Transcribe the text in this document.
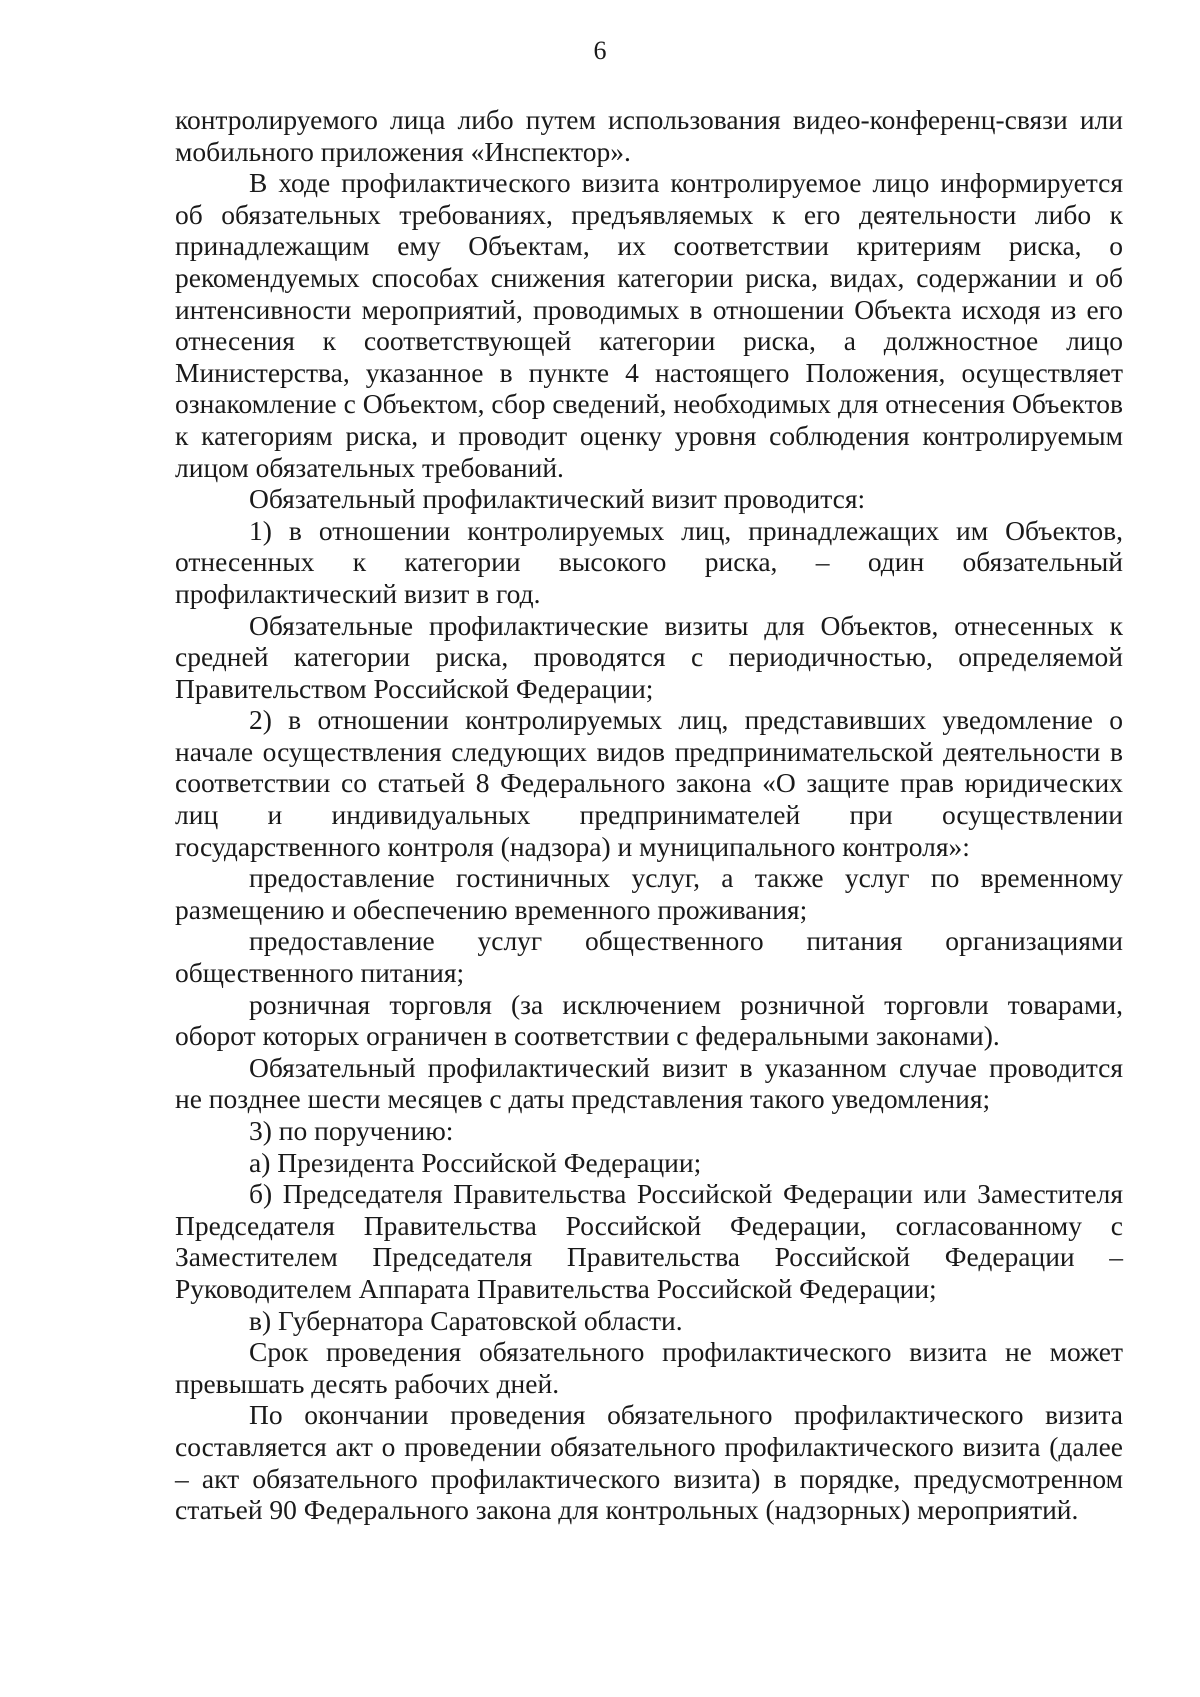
6

контролируемого лица либо путем использования видео-конференц-связи или мобильного приложения «Инспектор».

В ходе профилактического визита контролируемое лицо информируется об обязательных требованиях, предъявляемых к его деятельности либо к принадлежащим ему Объектам, их соответствии критериям риска, о рекомендуемых способах снижения категории риска, видах, содержании и об интенсивности мероприятий, проводимых в отношении Объекта исходя из его отнесения к соответствующей категории риска, а должностное лицо Министерства, указанное в пункте 4 настоящего Положения, осуществляет ознакомление с Объектом, сбор сведений, необходимых для отнесения Объектов к категориям риска, и проводит оценку уровня соблюдения контролируемым лицом обязательных требований.

Обязательный профилактический визит проводится:

1) в отношении контролируемых лиц, принадлежащих им Объектов, отнесенных к категории высокого риска, – один обязательный профилактический визит в год.

Обязательные профилактические визиты для Объектов, отнесенных к средней категории риска, проводятся с периодичностью, определяемой Правительством Российской Федерации;

2) в отношении контролируемых лиц, представивших уведомление о начале осуществления следующих видов предпринимательской деятельности в соответствии со статьей 8 Федерального закона «О защите прав юридических лиц и индивидуальных предпринимателей при осуществлении государственного контроля (надзора) и муниципального контроля»:

предоставление гостиничных услуг, а также услуг по временному размещению и обеспечению временного проживания;

предоставление услуг общественного питания организациями общественного питания;

розничная торговля (за исключением розничной торговли товарами, оборот которых ограничен в соответствии с федеральными законами).

Обязательный профилактический визит в указанном случае проводится не позднее шести месяцев с даты представления такого уведомления;

3) по поручению:

а) Президента Российской Федерации;

б) Председателя Правительства Российской Федерации или Заместителя Председателя Правительства Российской Федерации, согласованному с Заместителем Председателя Правительства Российской Федерации – Руководителем Аппарата Правительства Российской Федерации;

в) Губернатора Саратовской области.

Срок проведения обязательного профилактического визита не может превышать десять рабочих дней.

По окончании проведения обязательного профилактического визита составляется акт о проведении обязательного профилактического визита (далее – акт обязательного профилактического визита) в порядке, предусмотренном статьей 90 Федерального закона для контрольных (надзорных) мероприятий.
